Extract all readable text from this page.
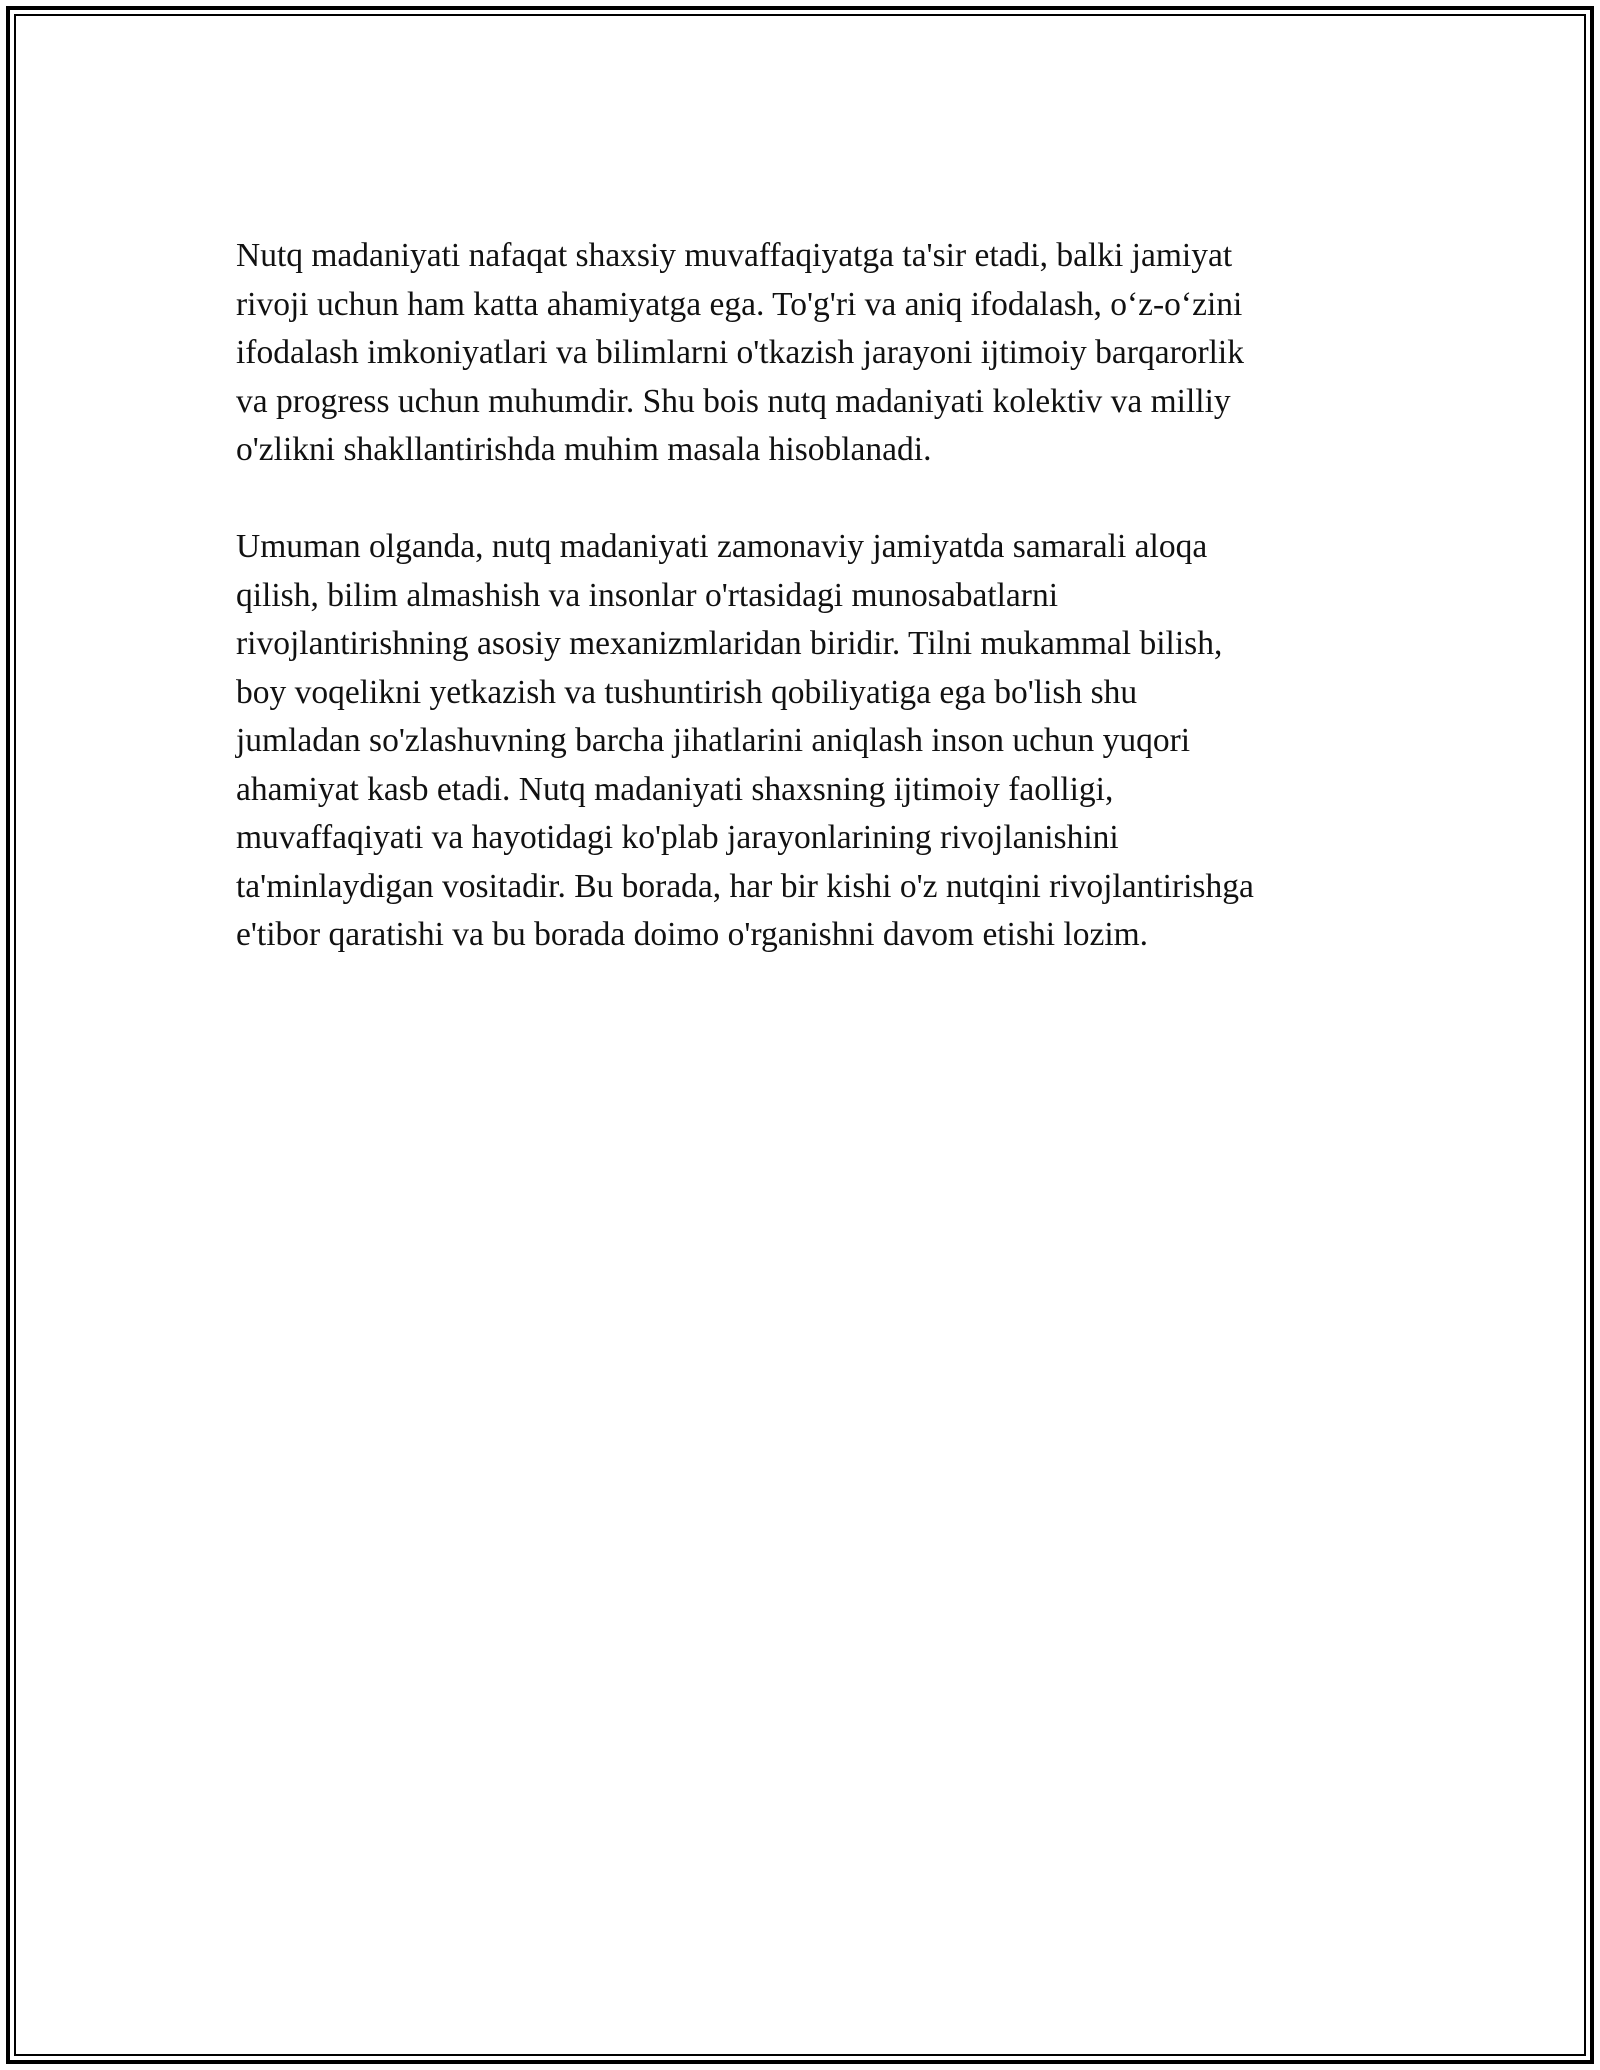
Nutq madaniyati nafaqat shaxsiy muvaffaqiyatga ta'sir etadi, balki jamiyat
rivoji uchun ham katta ahamiyatga ega. To'g'ri va aniq ifodalash, o‘z-o‘zini
ifodalash imkoniyatlari va bilimlarni o'tkazish jarayoni ijtimoiy barqarorlik
va progress uchun muhumdir. Shu bois nutq madaniyati kolektiv va milliy
o'zlikni shakllantirishda muhim masala hisoblanadi.

Umuman olganda, nutq madaniyati zamonaviy jamiyatda samarali aloqa
qilish, bilim almashish va insonlar o'rtasidagi munosabatlarni
rivojlantirishning asosiy mexanizmlaridan biridir. Tilni mukammal bilish,
boy voqelikni yetkazish va tushuntirish qobiliyatiga ega bo'lish shu
jumladan so'zlashuvning barcha jihatlarini aniqlash inson uchun yuqori
ahamiyat kasb etadi. Nutq madaniyati shaxsning ijtimoiy faolligi,
muvaffaqiyati va hayotidagi ko'plab jarayonlarining rivojlanishini
ta'minlaydigan vositadir. Bu borada, har bir kishi o'z nutqini rivojlantirishga
e'tibor qaratishi va bu borada doimo o'rganishni davom etishi lozim.
